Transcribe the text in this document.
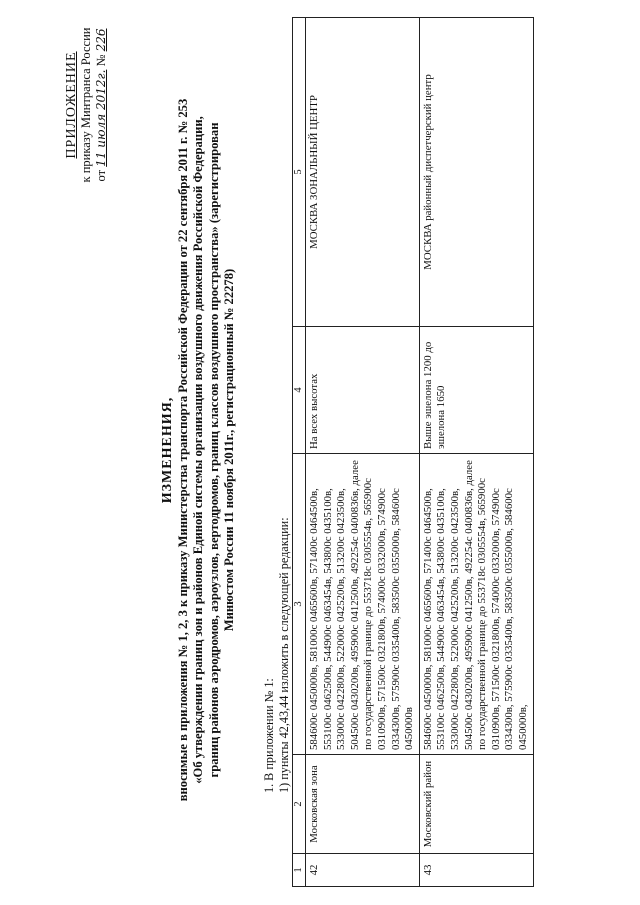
ПРИЛОЖЕНИЕ к приказу Минтранса России от 11 июля 2012г. № 226
ИЗМЕНЕНИЯ, вносимые в приложения № 1, 2, 3 к приказу Министерства транспорта Российской Федерации от 22 сентября 2011 г. № 253 «Об утверждении границ зон и районов Единой системы организации воздушного движения Российской Федерации, границ районов аэродромов, аэроузлов, вертодромов, границ классов воздушного пространства» (зарегистрирован Минюстом России 11 ноября 2011г., регистрационный № 22278)
1. В приложении № 1: 1) пункты 42,43,44 изложить в следующей редакции:
1	2	3	4	5
42	Московская зона	584600с 0450000в, 581000с 0465600в, 571400с 0464500в, 553100с 0462500в, 544900с 0463454в, 543800с 0435100в, 533000с 0422800в, 522000с 0425200в, 513200с 0423500в, 504500с 0430200в, 495900с 0412500в, 492254с 0400836в, далее по государственной границе до 553718с 0305554в, 565900с 0310900в, 571500с 0321800в, 574000с 0332000в, 574900с 0334300в, 575900с 0335400в, 583500с 0355000в, 584600с 0450000в	На всех высотах	МОСКВА ЗОНАЛЬНЫЙ ЦЕНТР
43	Московский район	584600с 0450000в, 581000с 0465600в, 571400с 0464500в, 553100с 0462500в, 544900с 0463454в, 543800с 0435100в, 533000с 0422800в, 522000с 0425200в, 513200с 0423500в, 504500с 0430200в, 495900с 0412500в, 492254с 0400836в, далее по государственной границе до 553718с 0305554в, 565900с 0310900в, 571500с 0321800в, 574000с 0332000в, 574900с 0334300в, 575900с 0335400в, 583500с 0355000в, 584600с 0450000в,	Выше эшелона 1200 до эшелона 1650	МОСКВА районный диспетчерский центр
